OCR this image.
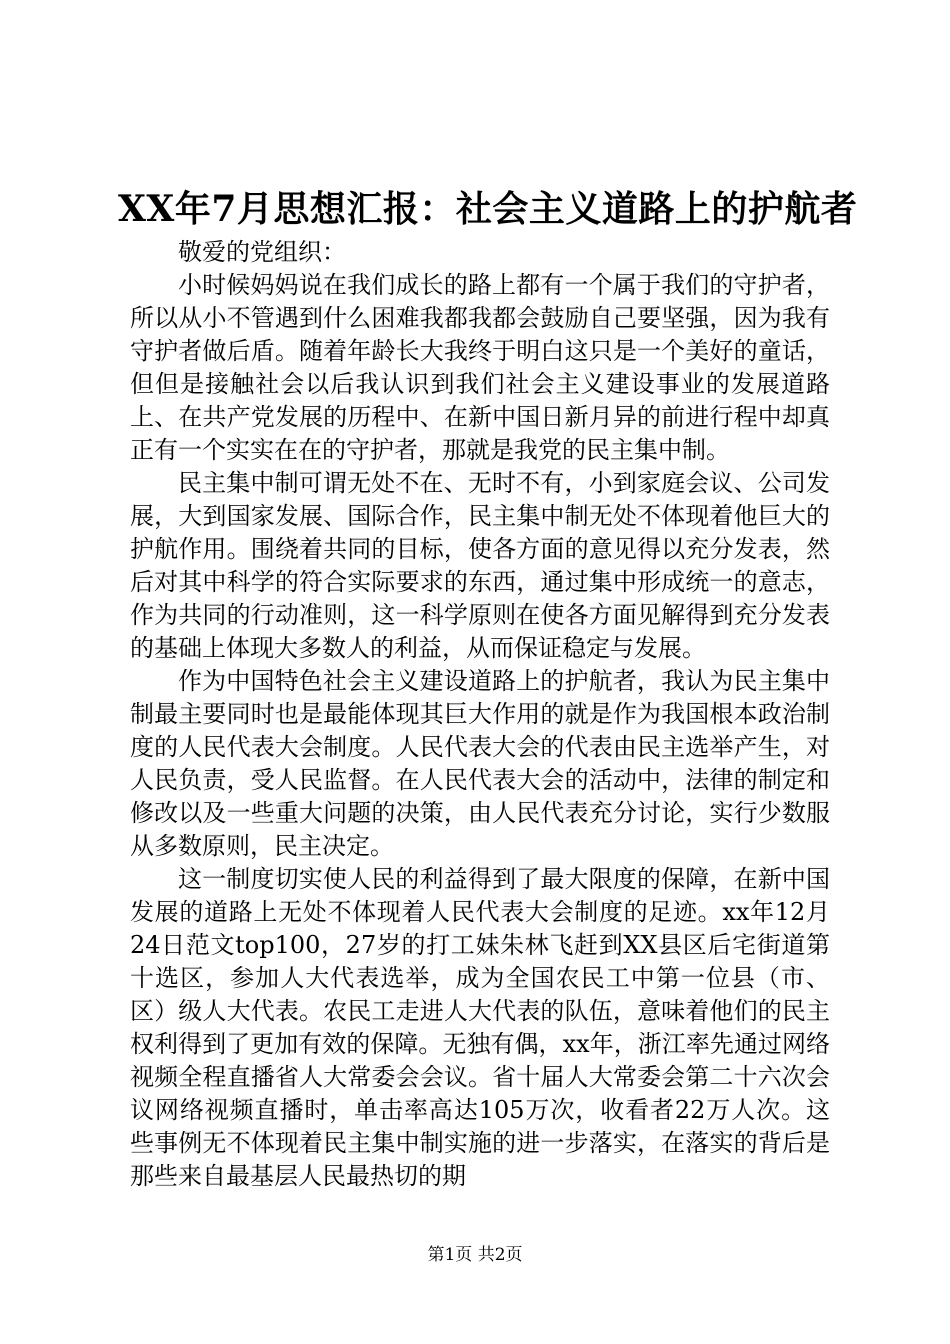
XX年7月思想汇报：社会主义道路上的护航者

敬爱的党组织：

小时候妈妈说在我们成长的路上都有一个属于我们的守护者，所以从小不管遇到什么困难我都我都会鼓励自己要坚强，因为我有守护者做后盾。随着年龄长大我终于明白这只是一个美好的童话，但但是接触社会以后我认识到我们社会主义建设事业的发展道路上、在共产党发展的历程中、在新中国日新月异的前进行程中却真正有一个实实在在的守护者，那就是我党的民主集中制。

民主集中制可谓无处不在、无时不有，小到家庭会议、公司发展，大到国家发展、国际合作，民主集中制无处不体现着他巨大的护航作用。围绕着共同的目标，使各方面的意见得以充分发表，然后对其中科学的符合实际要求的东西，通过集中形成统一的意志，作为共同的行动准则，这一科学原则在使各方面见解得到充分发表的基础上体现大多数人的利益，从而保证稳定与发展。

作为中国特色社会主义建设道路上的护航者，我认为民主集中制最主要同时也是最能体现其巨大作用的就是作为我国根本政治制度的人民代表大会制度。人民代表大会的代表由民主选举产生，对人民负责，受人民监督。在人民代表大会的活动中，法律的制定和修改以及一些重大问题的决策，由人民代表充分讨论，实行少数服从多数原则，民主决定。

这一制度切实使人民的利益得到了最大限度的保障，在新中国发展的道路上无处不体现着人民代表大会制度的足迹。xx年12月24日范文top100，27岁的打工妹朱林飞赶到XX县区后宅街道第十选区，参加人大代表选举，成为全国农民工中第一位县（市、区）级人大代表。农民工走进人大代表的队伍，意味着他们的民主权利得到了更加有效的保障。无独有偶，xx年，浙江率先通过网络视频全程直播省人大常委会会议。省十届人大常委会第二十六次会议网络视频直播时，单击率高达105万次，收看者22万人次。这些事例无不体现着民主集中制实施的进一步落实，在落实的背后是那些来自最基层人民最热切的期

第1页 共2页
